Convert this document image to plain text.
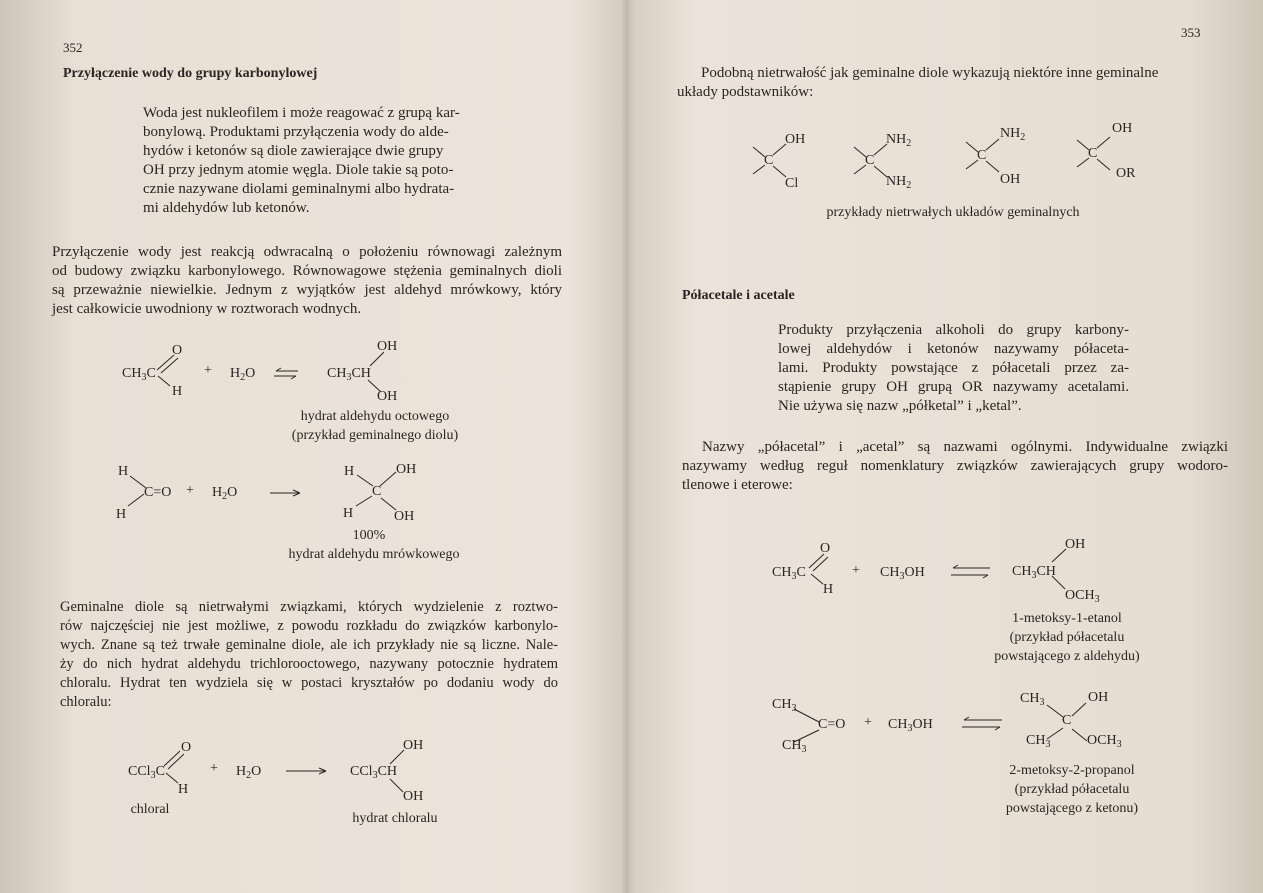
352
Przyłączenie wody do grupy karbonylowej
Woda jest nukleofilem i może reagować z grupą kar-
bonylową. Produktami przyłączenia wody do alde-
hydów i ketonów są diole zawierające dwie grupy
OH przy jednym atomie węgla. Diole takie są poto-
cznie nazywane diolami geminalnymi albo hydrata-
mi aldehydów lub ketonów.
Przyłączenie wody jest reakcją odwracalną o położeniu równowagi zależnym
od budowy związku karbonylowego. Równowagowe stężenia geminalnych dioli
są przeważnie niewielkie. Jednym z wyjątków jest aldehyd mrówkowy, który
jest całkowicie uwodniony w roztworach wodnych.
O
$CH_3C$
H
+ $H_2O$
OH
$CH_3CH$
OH
hydrat aldehydu octowego
(przykład geminalnego diolu)
H
C=O
H
+ $H_2O$
H	OH
C
H	OH
100%
hydrat aldehydu mrówkowego
Geminalne diole są nietrwałymi związkami, których wydzielenie z roztwo-
rów najczęściej nie jest możliwe, z powodu rozkładu do związków karbonylo-
wych. Znane są też trwałe geminalne diole, ale ich przykłady nie są liczne. Nale-
ży do nich hydrat aldehydu trichlorooctowego, nazywany potocznie hydratem
chloralu. Hydrat ten wydziela się w postaci kryształów po dodaniu wody do
chloralu:
O
CCl$_3$C
H
+ $H_2O$
OH
CCl$_3$CH
OH
chloral
hydrat chloralu
353
Podobną nietrwałość jak geminalne diole wykazują niektóre inne geminalne
układy podstawników:
C
OH
Cl
C
$NH_2$
$NH_2$
C
$NH_2$
OH
C
OH
OR
przykłady nietrwałych układów geminalnych
Półacetale i acetale
Produkty przyłączenia alkoholi do grupy karbony-
lowej aldehydów i ketonów nazywamy półaceta-
lami. Produkty powstające z półacetali przez za-
stąpienie grupy OH grupą OR nazywamy acetalami.
Nie używa się nazw „półketal” i „ketal”.
Nazwy „półacetal” i „acetal” są nazwami ogólnymi. Indywidualne związki
nazywamy według reguł nomenklatury związków zawierających grupy wodoro-
tlenowe i eterowe:
O
$CH_3C$
H
+ $CH_3OH$
OH
$CH_3CH$
$OCH_3$
1-metoksy-1-etanol
(przykład półacetalu
powstającego z aldehydu)
$CH_3$
C=O
$CH_3$
+ $CH_3OH$
$CH_3$	OH
C
$CH_3$	$OCH_3$
2-metoksy-2-propanol
(przykład półacetalu
powstającego z ketonu)
